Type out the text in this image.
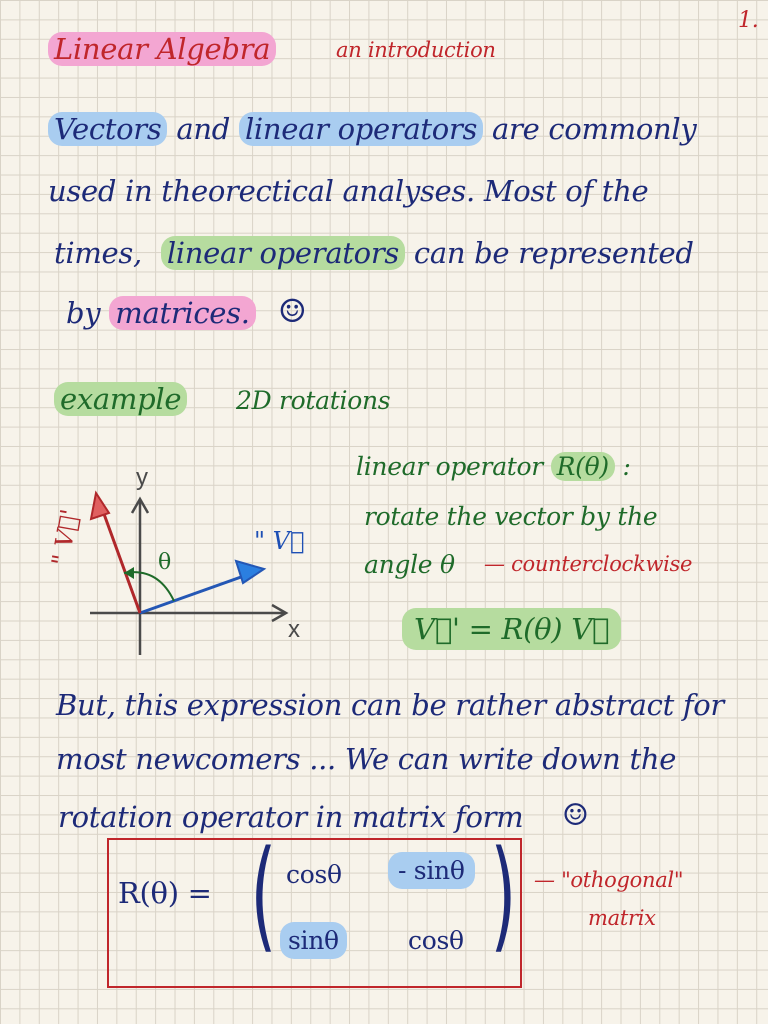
1.
Linear Algebra	an introduction
Vectors and linear operators are commonly
used in theorectical analyses. Most of the
times, linear operators can be represented
by matrices. ☺
example 2D rotations
y
x
θ
" V⃗
" V⃗'
linear operator R(θ) :
rotate the vector by the
angle θ — counterclockwise
V⃗' = R(θ) V⃗
But, this expression can be rather abstract for
most newcomers ... We can write down the
rotation operator in matrix form ☺
R(θ) = ( )
cosθ	- sinθ
sinθ	cosθ
— "othogonal"
matrix
